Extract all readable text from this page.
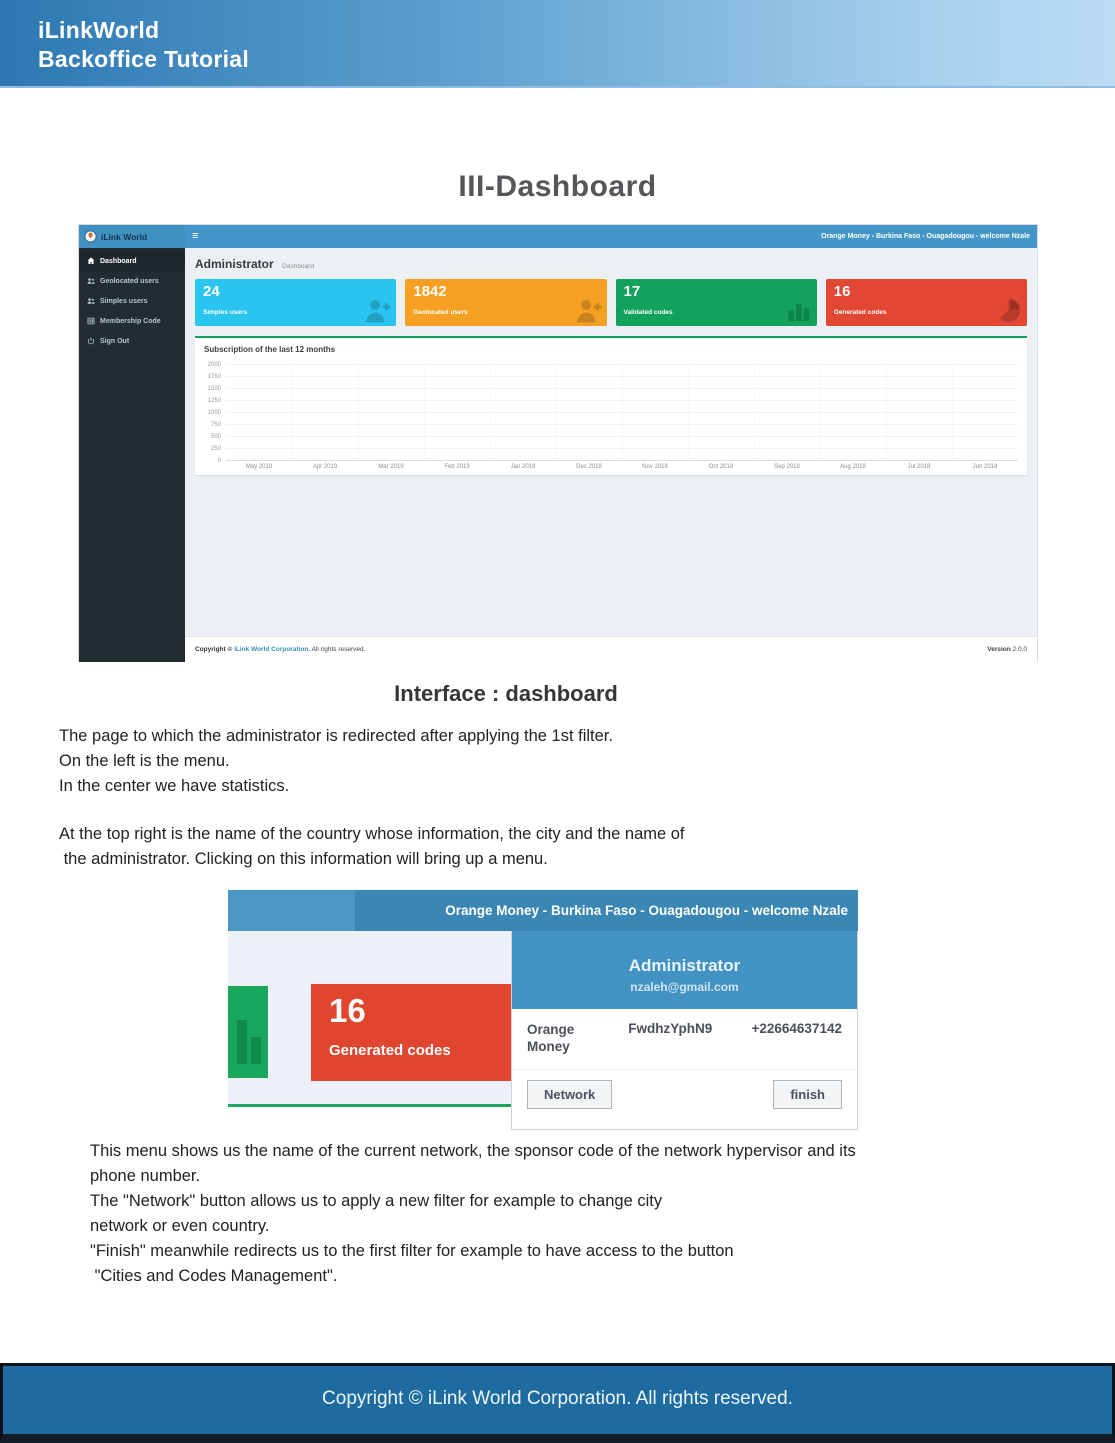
iLinkWorld
Backoffice Tutorial
III-Dashboard
iLink World	≡	Orange Money - Burkina Faso - Ouagadougou - welcome Nzale
Dashboard
Geolocated users
Simples users
Membership Code
Sign Out
Administrator Dashboard
24
Simples users
1842
Geolocated users
17
Validated codes
16
Generated codes
Subscription of the last 12 months
0
250
500
750
1000
1250
1500
1750
2000
May 2019	Apr 2019	Mar 2019	Feb 2019	Jan 2019	Dec 2018	Nov 2018	Oct 2018	Sep 2018	Aug 2018	Jul 2018	Jun 2018
Copyright © iLink World Corporation. All rights reserved.	Version 2.0.0
Interface : dashboard
The page to which the administrator is redirected after applying the 1st filter.
On the left is the menu.
In the center we have statistics.
At the top right is the name of the country whose information, the city and the name of
the administrator. Clicking on this information will bring up a menu.
Orange Money - Burkina Faso - Ouagadougou - welcome Nzale
16
Generated codes
Administrator
nzaleh@gmail.com
Orange Money
FwdhzYphN9	+22664637142
Network	finish
This menu shows us the name of the current network, the sponsor code of the network hypervisor and its
phone number.
The "Network" button allows us to apply a new filter for example to change city
network or even country.
"Finish" meanwhile redirects us to the first filter for example to have access to the button
"Cities and Codes Management".
Copyright © iLink World Corporation. All rights reserved.
